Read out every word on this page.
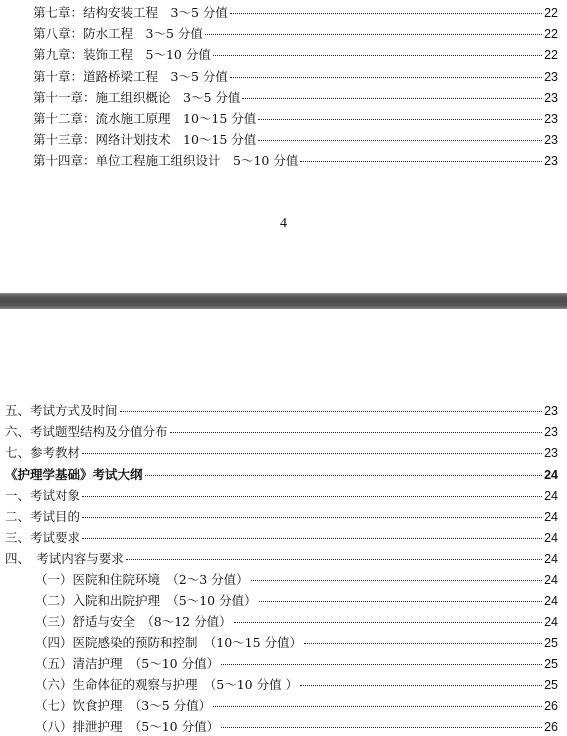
第七章：结构安装工程　3～5 分值	22
第八章：防水工程　3～5 分值	22
第九章：装饰工程　5～10 分值	22
第十章：道路桥梁工程　3～5 分值	23
第十一章：施工组织概论　3～5 分值	23
第十二章：流水施工原理　10～15 分值	23
第十三章：网络计划技术　10～15 分值	23
第十四章：单位工程施工组织设计　5～10 分值	23
4
五、考试方式及时间	23
六、考试题型结构及分值分布	23
七、参考教材	23
《护理学基础》考试大纲	24
一、考试对象	24
二、考试目的	24
三、考试要求	24
四、　考试内容与要求	24
（一）医院和住院环境　（2～3 分值）	24
（二）入院和出院护理　（5～10 分值）	24
（三）舒适与安全　（8～12 分值）	24
（四）医院感染的预防和控制　（10～15 分值）	25
（五）清洁护理　（5～10 分值）	25
（六）生命体征的观察与护理　（5～10 分值 ）	25
（七）饮食护理　（3～5 分值）	26
（八）排泄护理　（5～10 分值）	26
